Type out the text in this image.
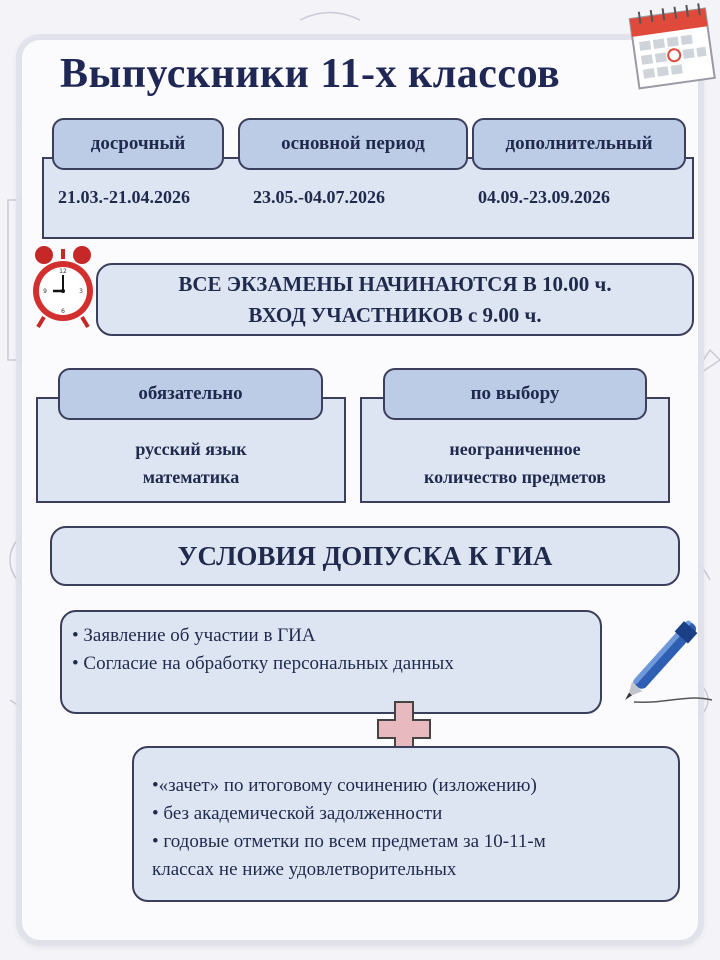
Выпускники 11-х классов
досрочный	основной период	дополнительный
21.03.-21.04.2026	23.05.-04.07.2026	04.09.-23.09.2026
12
3
6
9	ВСЕ ЭКЗАМЕНЫ НАЧИНАЮТСЯ В 10.00 ч.
ВХОД УЧАСТНИКОВ с 9.00 ч.
русский язык
математика
обязательно
неограниченное
количество предметов
по выбору
УСЛОВИЯ ДОПУСКА К ГИА
• Заявление об участии в ГИА
• Согласие на обработку персональных данных
•«зачет» по итоговому сочинению (изложению)
• без академической задолженности
• годовые отметки по всем предметам за 10-11-м
классах не ниже удовлетворительных
